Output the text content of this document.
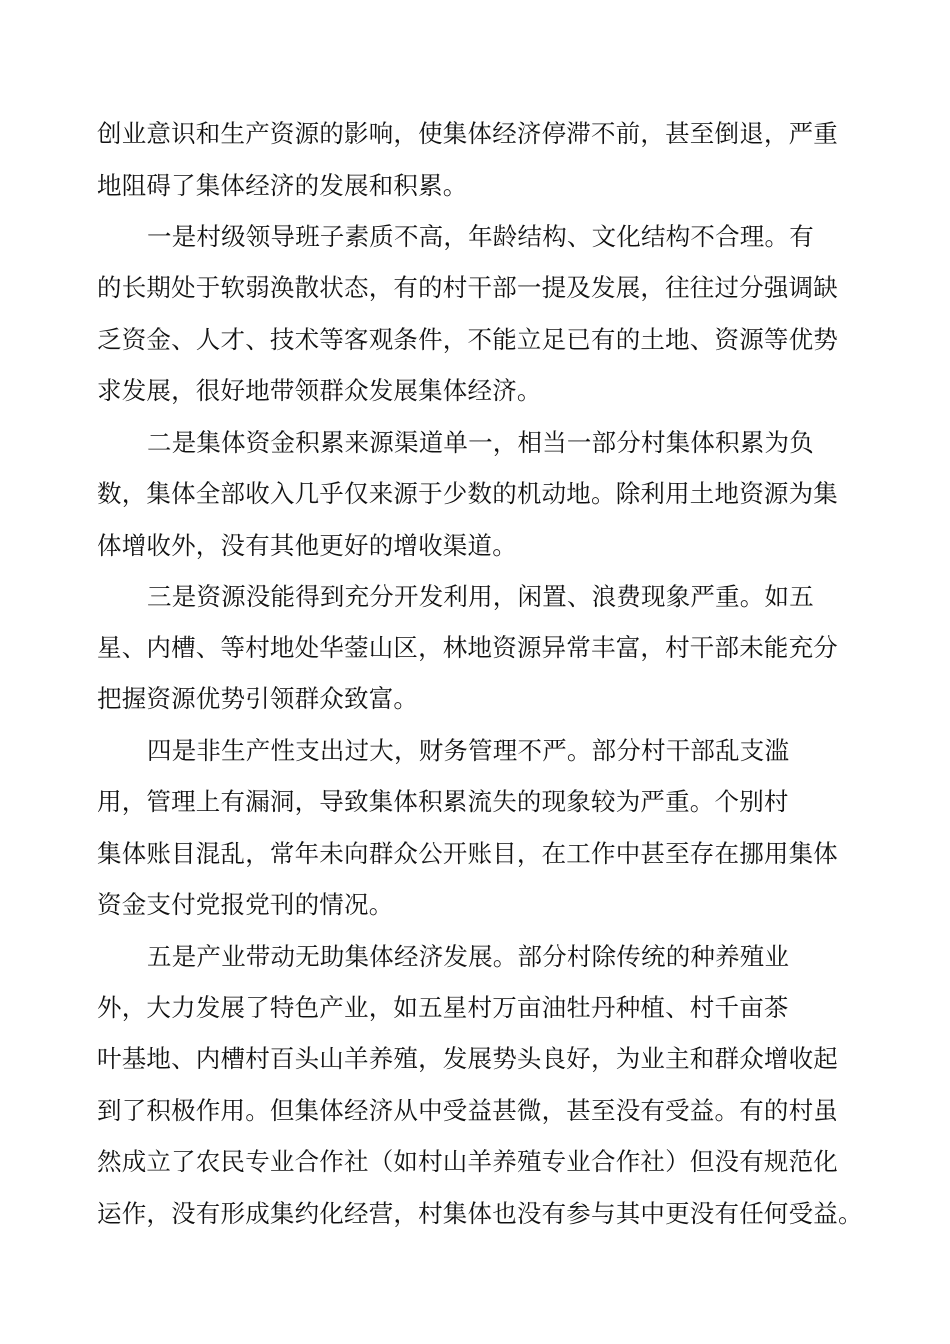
创业意识和生产资源的影响，使集体经济停滞不前，甚至倒退，严重
地阻碍了集体经济的发展和积累。
一是村级领导班子素质不高，年龄结构、文化结构不合理。有
的长期处于软弱涣散状态，有的村干部一提及发展，往往过分强调缺
乏资金、人才、技术等客观条件，不能立足已有的土地、资源等优势
求发展，很好地带领群众发展集体经济。
二是集体资金积累来源渠道单一，相当一部分村集体积累为负
数，集体全部收入几乎仅来源于少数的机动地。除利用土地资源为集
体增收外，没有其他更好的增收渠道。
三是资源没能得到充分开发利用，闲置、浪费现象严重。如五
星、内槽、等村地处华蓥山区，林地资源异常丰富，村干部未能充分
把握资源优势引领群众致富。
四是非生产性支出过大，财务管理不严。部分村干部乱支滥
用，管理上有漏洞，导致集体积累流失的现象较为严重。个别村
集体账目混乱，常年未向群众公开账目，在工作中甚至存在挪用集体
资金支付党报党刊的情况。
五是产业带动无助集体经济发展。部分村除传统的种养殖业
外，大力发展了特色产业，如五星村万亩油牡丹种植、村千亩茶
叶基地、内槽村百头山羊养殖，发展势头良好，为业主和群众增收起
到了积极作用。但集体经济从中受益甚微，甚至没有受益。有的村虽
然成立了农民专业合作社（如村山羊养殖专业合作社）但没有规范化
运作，没有形成集约化经营，村集体也没有参与其中更没有任何受益。
